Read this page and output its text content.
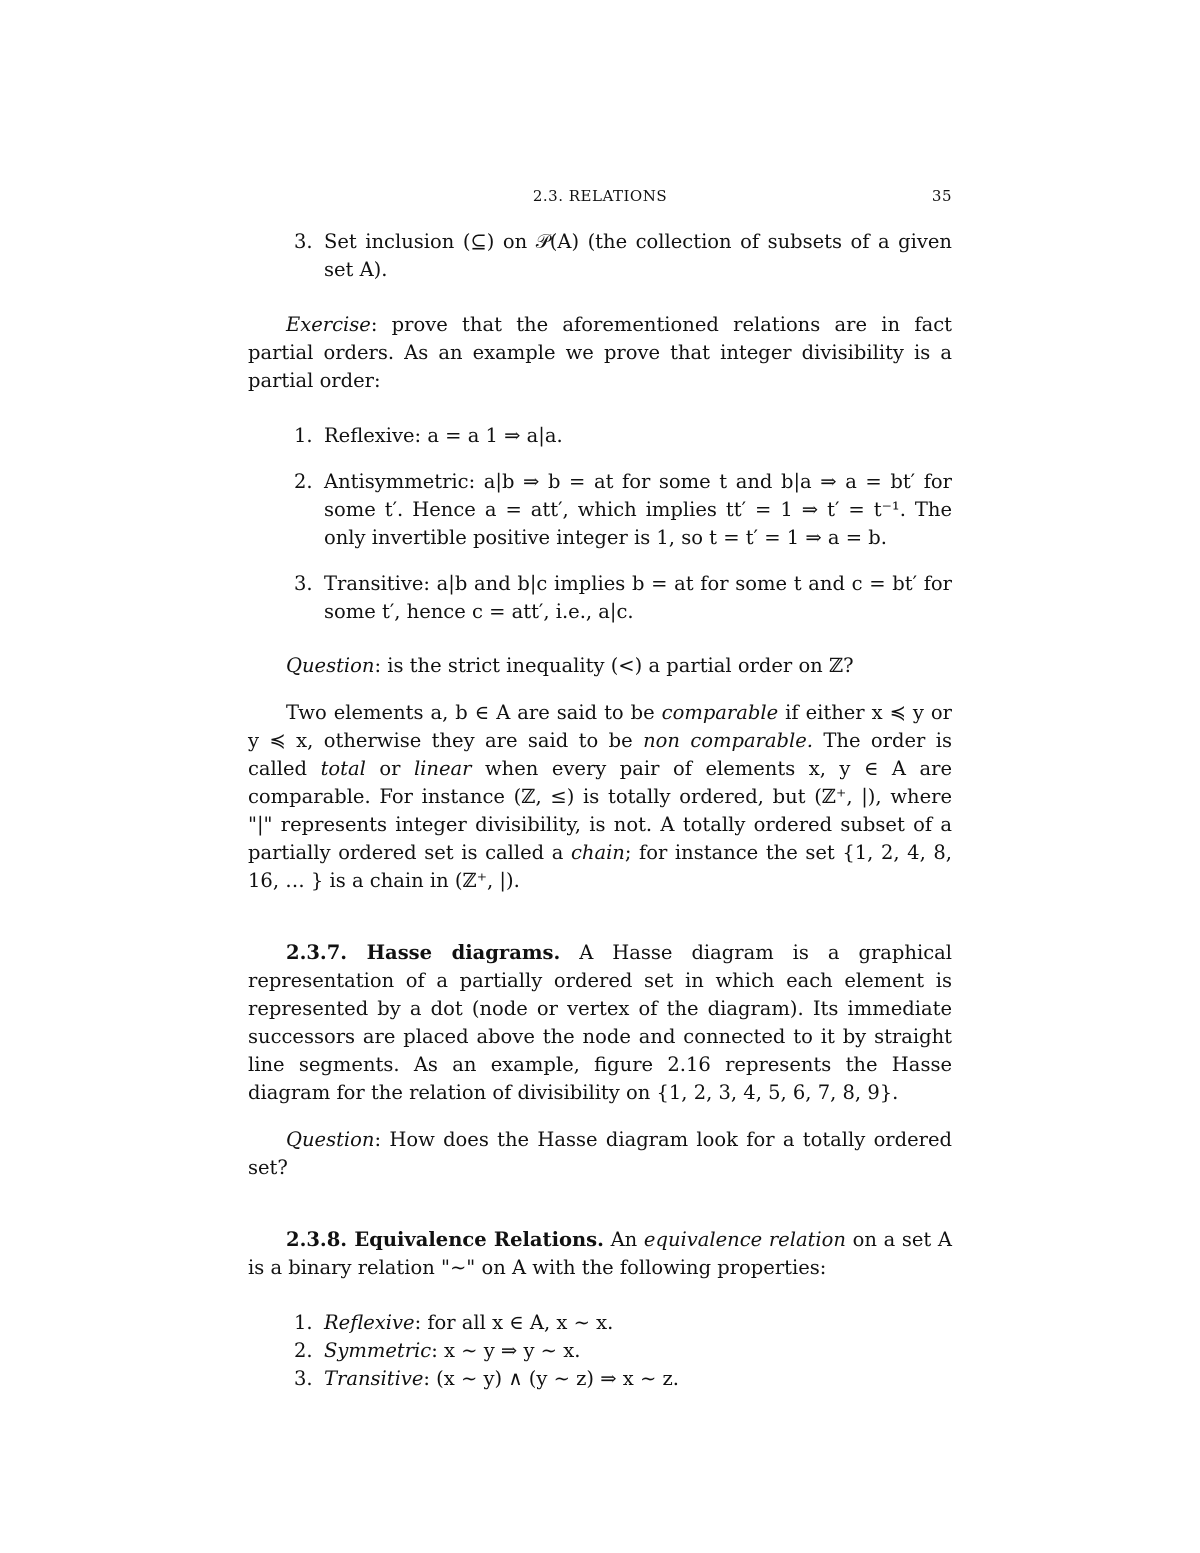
2.3. RELATIONS	35
3. Set inclusion (⊆) on 𝒫(A) (the collection of subsets of a given set A).

Exercise: prove that the aforementioned relations are in fact partial orders. As an example we prove that integer divisibility is a partial order:

1. Reflexive: a = a 1 ⇒ a|a.
2. Antisymmetric: a|b ⇒ b = at for some t and b|a ⇒ a = bt′ for some t′. Hence a = att′, which implies tt′ = 1 ⇒ t′ = t⁻¹. The only invertible positive integer is 1, so t = t′ = 1 ⇒ a = b.
3. Transitive: a|b and b|c implies b = at for some t and c = bt′ for some t′, hence c = att′, i.e., a|c.

Question: is the strict inequality (<) a partial order on ℤ?

Two elements a, b ∈ A are said to be comparable if either x ≼ y or y ≼ x, otherwise they are said to be non comparable. The order is called total or linear when every pair of elements x, y ∈ A are comparable. For instance (ℤ, ≤) is totally ordered, but (ℤ⁺, |), where "|" represents integer divisibility, is not. A totally ordered subset of a partially ordered set is called a chain; for instance the set {1, 2, 4, 8, 16, … } is a chain in (ℤ⁺, |).

2.3.7. Hasse diagrams. A Hasse diagram is a graphical representation of a partially ordered set in which each element is represented by a dot (node or vertex of the diagram). Its immediate successors are placed above the node and connected to it by straight line segments. As an example, figure 2.16 represents the Hasse diagram for the relation of divisibility on {1, 2, 3, 4, 5, 6, 7, 8, 9}.

Question: How does the Hasse diagram look for a totally ordered set?

2.3.8. Equivalence Relations. An equivalence relation on a set A is a binary relation "∼" on A with the following properties:

1. Reflexive: for all x ∈ A, x ∼ x.
2. Symmetric: x ∼ y ⇒ y ∼ x.
3. Transitive: (x ∼ y) ∧ (y ∼ z) ⇒ x ∼ z.
